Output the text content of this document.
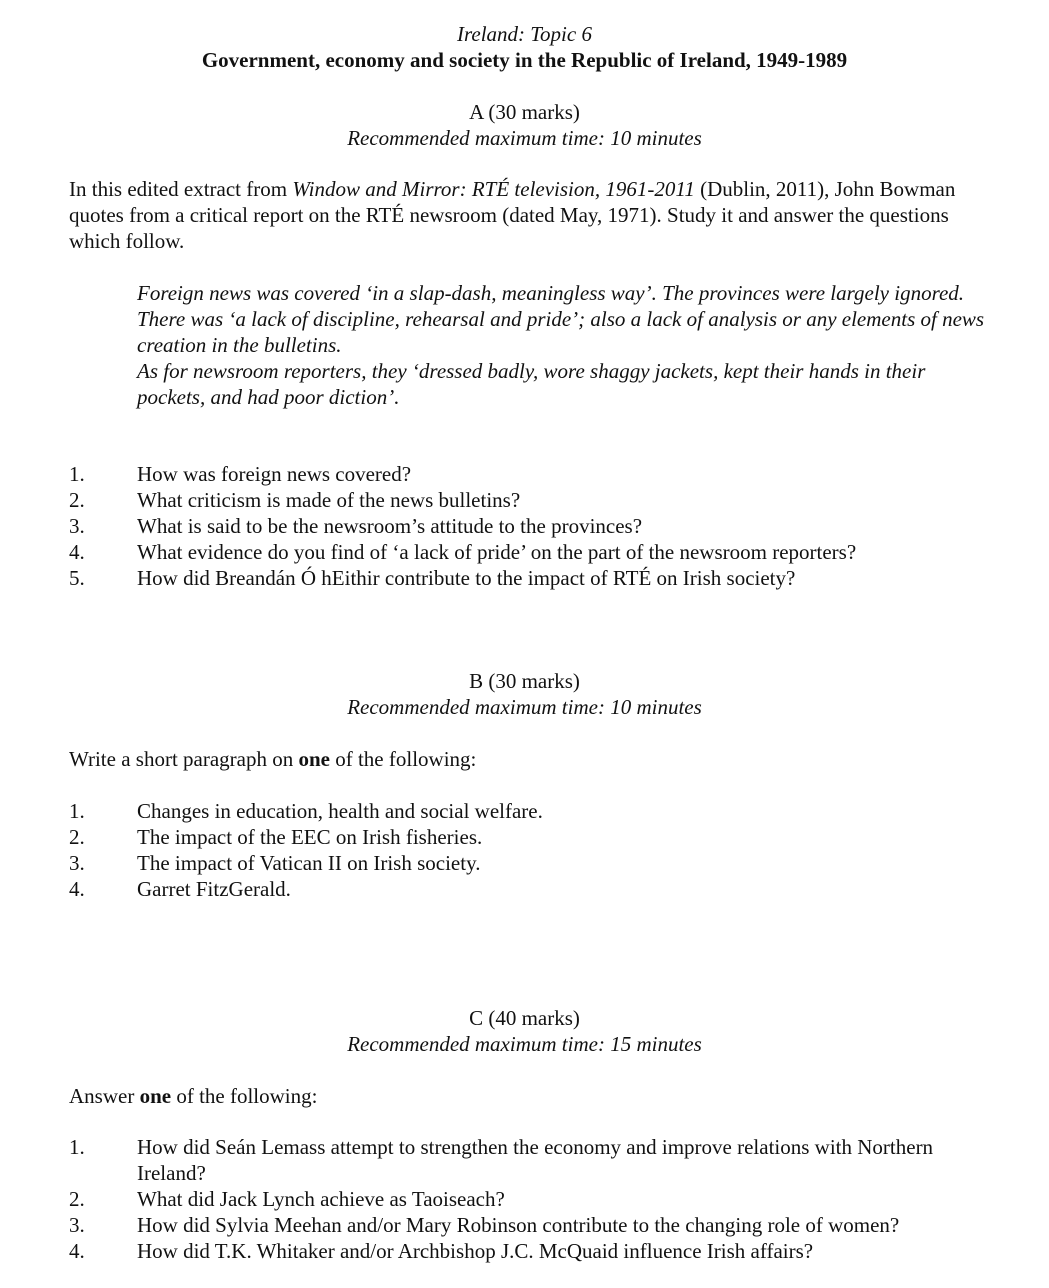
Ireland: Topic 6
Government, economy and society in the Republic of Ireland, 1949-1989
A (30 marks)
Recommended maximum time: 10 minutes
In this edited extract from Window and Mirror: RTÉ television, 1961-2011 (Dublin, 2011), John Bowman quotes from a critical report on the RTÉ newsroom (dated May, 1971). Study it and answer the questions which follow.
Foreign news was covered ‘in a slap-dash, meaningless way’. The provinces were largely ignored.
There was ‘a lack of discipline, rehearsal and pride’; also a lack of analysis or any elements of news creation in the bulletins.
As for newsroom reporters, they ‘dressed badly, wore shaggy jackets, kept their hands in their pockets, and had poor diction’.
1.	How was foreign news covered?
2.	What criticism is made of the news bulletins?
3.	What is said to be the newsroom’s attitude to the provinces?
4.	What evidence do you find of ‘a lack of pride’ on the part of the newsroom reporters?
5.	How did Breandán Ó hEithir contribute to the impact of RTÉ on Irish society?
B (30 marks)
Recommended maximum time: 10 minutes
Write a short paragraph on one of the following:
1.	Changes in education, health and social welfare.
2.	The impact of the EEC on Irish fisheries.
3.	The impact of Vatican II on Irish society.
4.	Garret FitzGerald.
C (40 marks)
Recommended maximum time: 15 minutes
Answer one of the following:
1.	How did Seán Lemass attempt to strengthen the economy and improve relations with Northern Ireland?
2.	What did Jack Lynch achieve as Taoiseach?
3.	How did Sylvia Meehan and/or Mary Robinson contribute to the changing role of women?
4.	How did T.K. Whitaker and/or Archbishop J.C. McQuaid influence Irish affairs?
